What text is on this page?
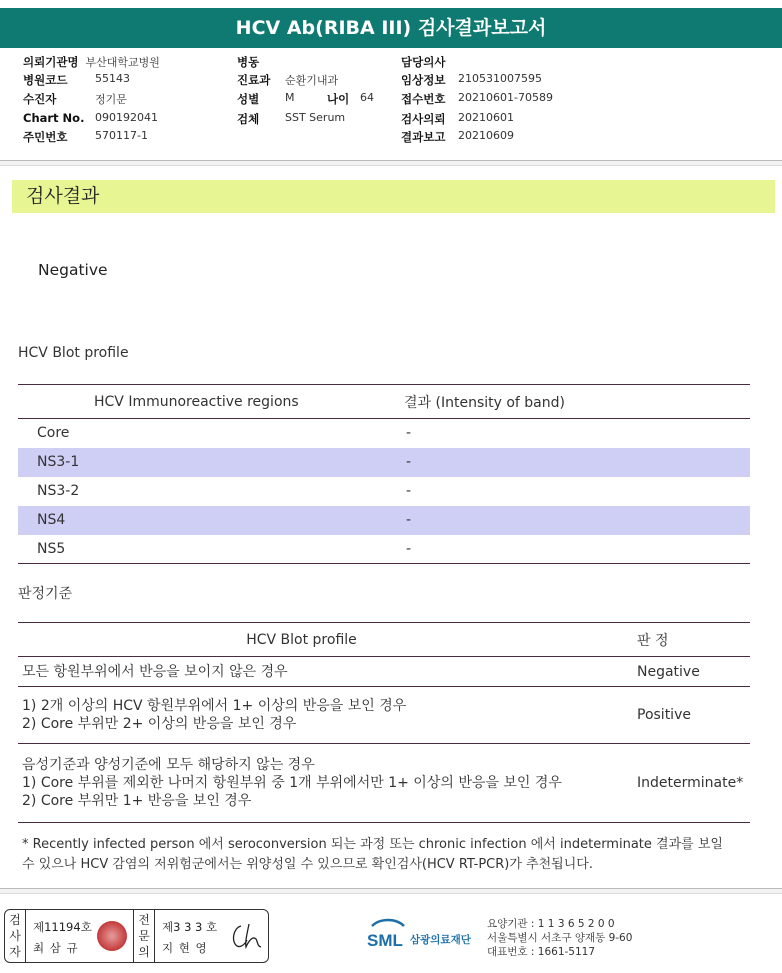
HCV Ab(RIBA III) 검사결과보고서
의뢰기관명 부산대학교병원
병원코드	55143
수진자	정기문
Chart No. 090192041
주민번호	570117-1
병동
진료과 순환기내과
성별 M	나이 64
검체 SST Serum
담당의사
임상정보 210531007595
접수번호 20210601-70589
검사의뢰 20210601
결과보고 20210609
검사결과
Negative
HCV Blot profile
HCV Immunoreactive regions	결과 (Intensity of band)
Core	-
NS3-1	-
NS3-2	-
NS4	-
NS5	-
판정기준
HCV Blot profile	판 정

모든 항원부위에서 반응을 보이지 않은 경우	Negative

1) 2개 이상의 HCV 항원부위에서 1+ 이상의 반응을 보인 경우
2) Core 부위만 2+ 이상의 반응을 보인 경우	Positive

음성기준과 양성기준에 모두 해당하지 않는 경우
1) Core 부위를 제외한 나머지 항원부위 중 1개 부위에서만 1+ 이상의 반응을 보인 경우
2) Core 부위만 1+ 반응을 보인 경우	Indeterminate*
* Recently infected person 에서 seroconversion 되는 과정 또는 chronic infection 에서 indeterminate 결과를 보일
수 있으나 HCV 감염의 저위험군에서는 위양성일 수 있으므로 확인검사(HCV RT-PCR)가 추천됩니다.
검
사
자
제11194호
최 삼 규
전
문
의
제3 3 3 호
지 현 영	SML 삼광의료재단
요양기관 : 1 1 3 6 5 2 0 0
서울특별시 서초구 양재동 9-60
대표번호 : 1661-5117
